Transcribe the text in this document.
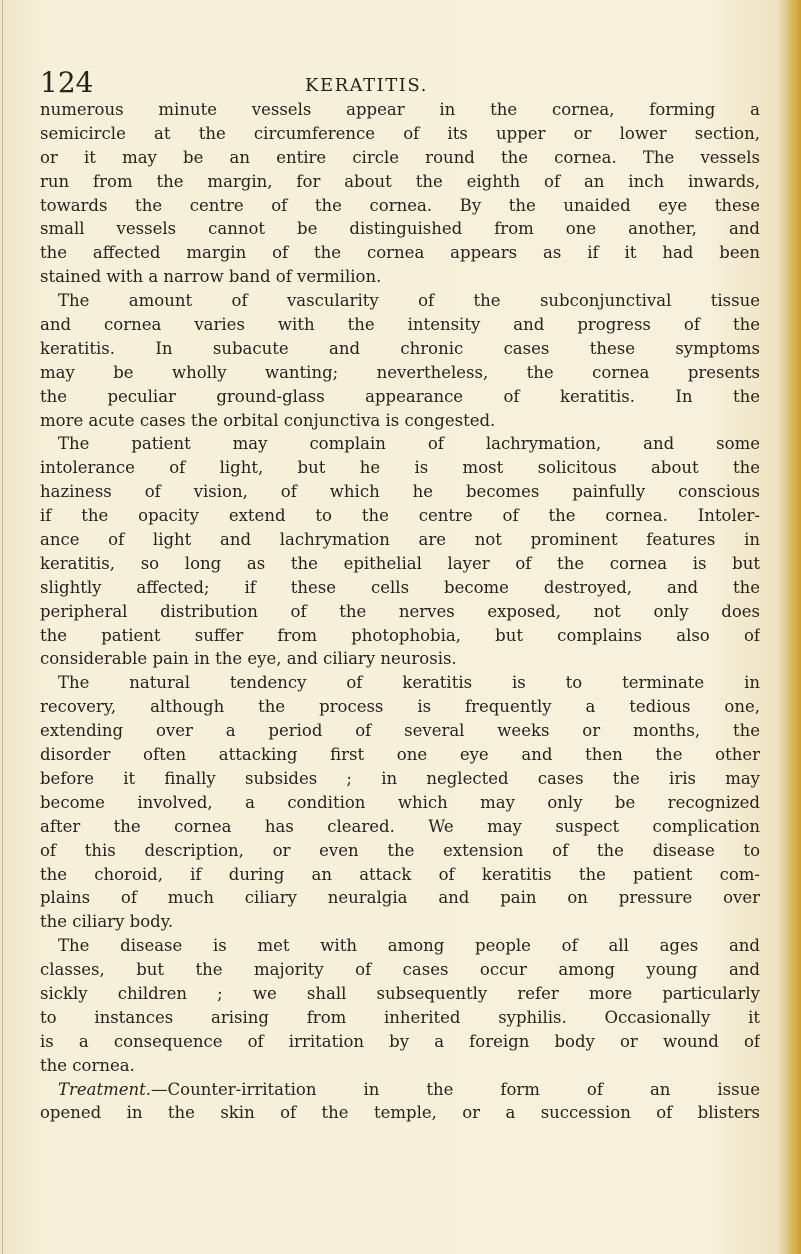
124	KERATITIS.
numerous minute vessels appear in the cornea, forming a
semicircle at the circumference of its upper or lower section,
or it may be an entire circle round the cornea. The vessels
run from the margin, for about the eighth of an inch inwards,
towards the centre of the cornea. By the unaided eye these
small vessels cannot be distinguished from one another, and
the affected margin of the cornea appears as if it had been
stained with a narrow band of vermilion.
The amount of vascularity of the subconjunctival tissue
and cornea varies with the intensity and progress of the
keratitis. In subacute and chronic cases these symptoms
may be wholly wanting; nevertheless, the cornea presents
the peculiar ground-glass appearance of keratitis. In the
more acute cases the orbital conjunctiva is congested.
The patient may complain of lachrymation, and some
intolerance of light, but he is most solicitous about the
haziness of vision, of which he becomes painfully conscious
if the opacity extend to the centre of the cornea. Intoler-
ance of light and lachrymation are not prominent features in
keratitis, so long as the epithelial layer of the cornea is but
slightly affected; if these cells become destroyed, and the
peripheral distribution of the nerves exposed, not only does
the patient suffer from photophobia, but complains also of
considerable pain in the eye, and ciliary neurosis.
The natural tendency of keratitis is to terminate in
recovery, although the process is frequently a tedious one,
extending over a period of several weeks or months, the
disorder often attacking first one eye and then the other
before it finally subsides ; in neglected cases the iris may
become involved, a condition which may only be recognized
after the cornea has cleared. We may suspect complication
of this description, or even the extension of the disease to
the choroid, if during an attack of keratitis the patient com-
plains of much ciliary neuralgia and pain on pressure over
the ciliary body.
The disease is met with among people of all ages and
classes, but the majority of cases occur among young and
sickly children ; we shall subsequently refer more particularly
to instances arising from inherited syphilis. Occasionally it
is a consequence of irritation by a foreign body or wound of
the cornea.
Treatment.—Counter-irritation in the form of an issue
opened in the skin of the temple, or a succession of blisters
